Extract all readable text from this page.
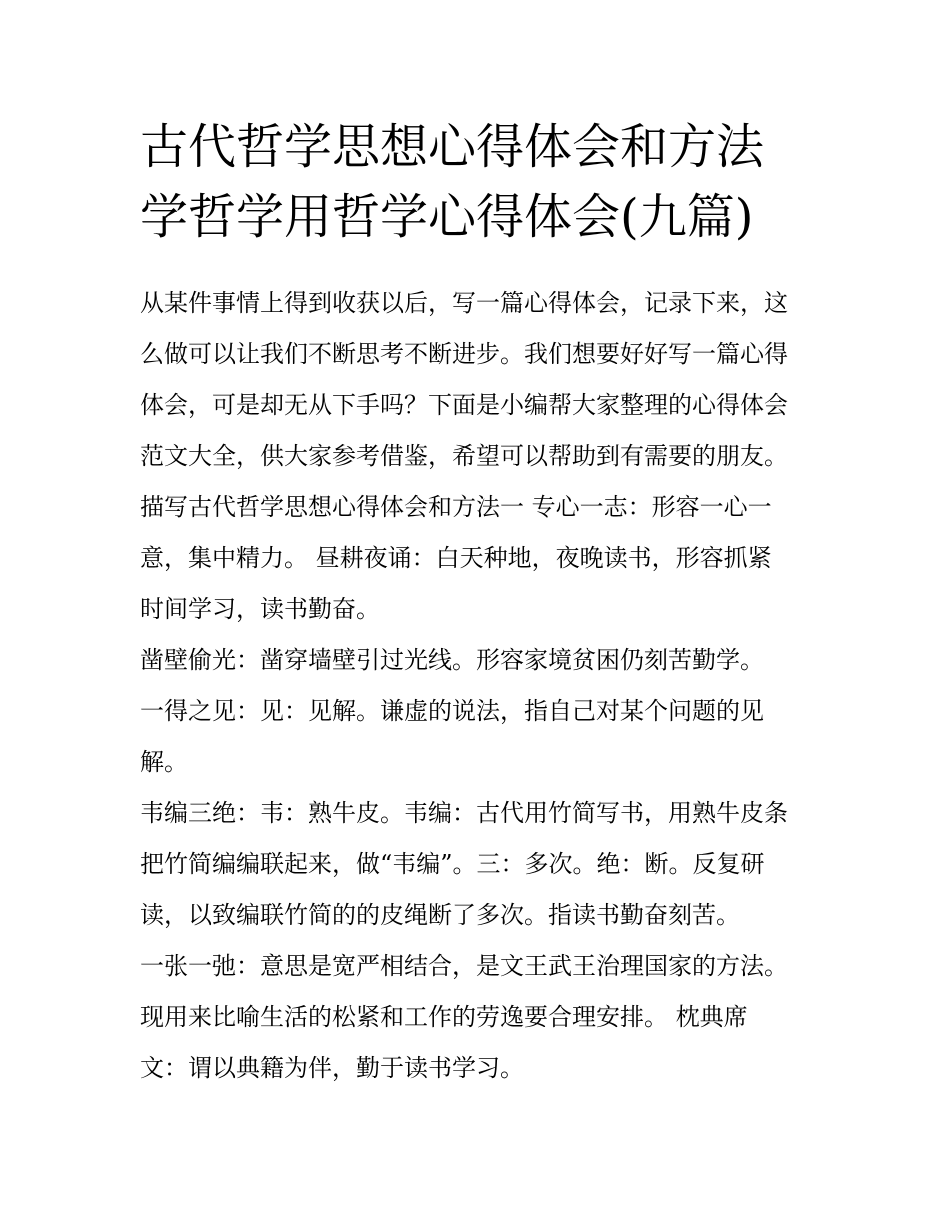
古代哲学思想心得体会和方法
学哲学用哲学心得体会(九篇)

从某件事情上得到收获以后，写一篇心得体会，记录下来，这

么做可以让我们不断思考不断进步。我们想要好好写一篇心得

体会，可是却无从下手吗？下面是小编帮大家整理的心得体会

范文大全，供大家参考借鉴，希望可以帮助到有需要的朋友。

描写古代哲学思想心得体会和方法一 专心一志：形容一心一

意，集中精力。 昼耕夜诵：白天种地，夜晚读书，形容抓紧

时间学习，读书勤奋。

凿壁偷光：凿穿墙壁引过光线。形容家境贫困仍刻苦勤学。

一得之见：见：见解。谦虚的说法，指自己对某个问题的见

解。

韦编三绝：韦：熟牛皮。韦编：古代用竹简写书，用熟牛皮条

把竹简编编联起来，做“韦编”。三：多次。绝：断。反复研

读，以致编联竹简的的皮绳断了多次。指读书勤奋刻苦。

一张一弛：意思是宽严相结合，是文王武王治理国家的方法。

现用来比喻生活的松紧和工作的劳逸要合理安排。 枕典席

文：谓以典籍为伴，勤于读书学习。
